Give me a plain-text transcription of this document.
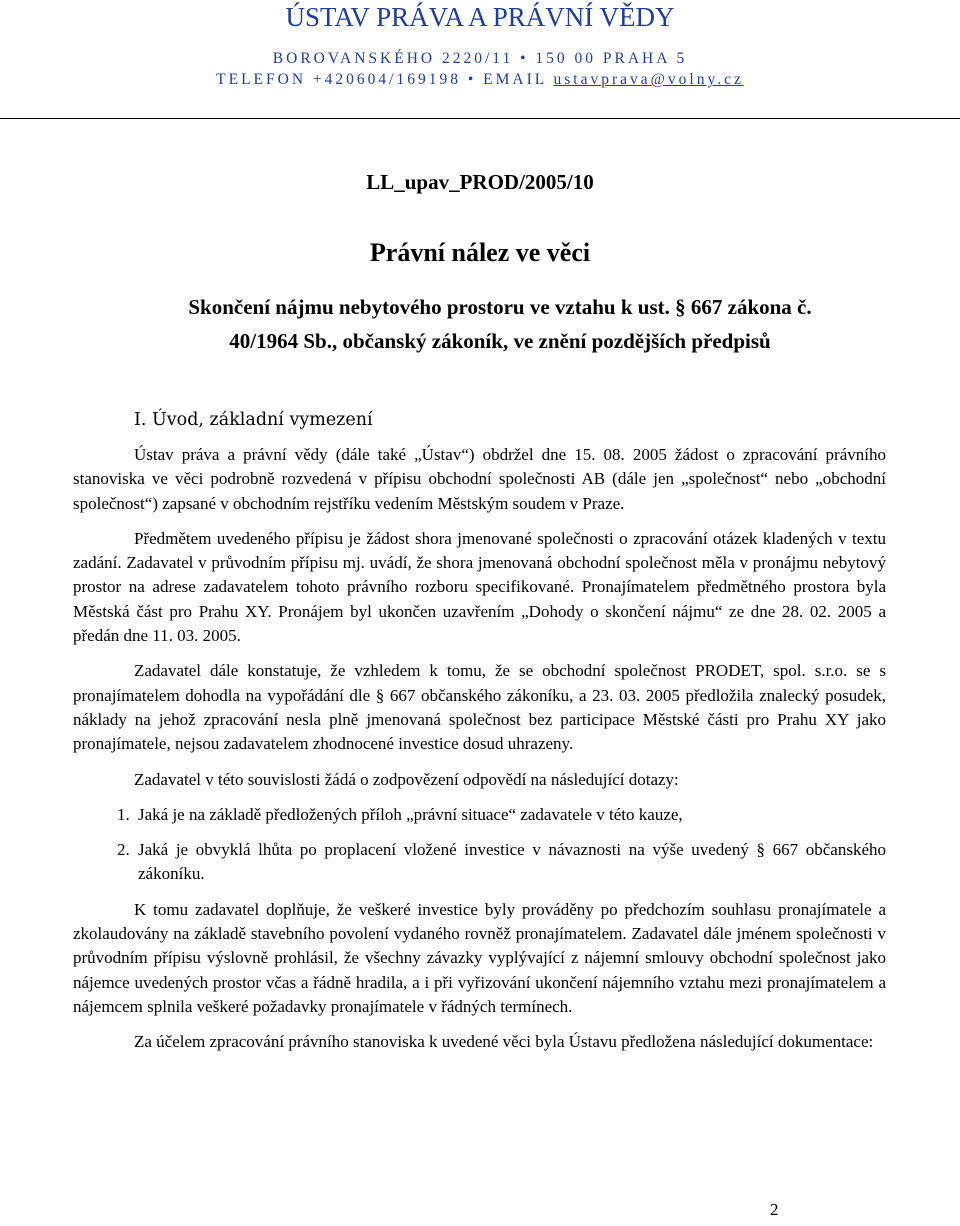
ÚSTAV PRÁVA A PRÁVNÍ VĚDY
BOROVANSKÉHO 2220/11 • 150 00 PRAHA 5
TELEFON +420604/169198 • EMAIL ustavprava@volny.cz
LL_upav_PROD/2005/10
Právní nález ve věci
Skončení nájmu nebytového prostoru ve vztahu k ust. § 667 zákona č. 40/1964 Sb., občanský zákoník, ve znění pozdějších předpisů
I. Úvod, základní vymezení

Ústav práva a právní vědy (dále také „Ústav“) obdržel dne 15. 08. 2005 žádost o zpracování právního stanoviska ve věci podrobně rozvedená v přípisu obchodní společnosti AB (dále jen „společnost“ nebo „obchodní společnost“) zapsané v obchodním rejstříku vedením Městským soudem v Praze.

Předmětem uvedeného přípisu je žádost shora jmenované společnosti o zpracování otázek kladených v textu zadání. Zadavatel v průvodním přípisu mj. uvádí, že shora jmenovaná obchodní společnost měla v pronájmu nebytový prostor na adrese zadavatelem tohoto právního rozboru specifikované. Pronajímatelem předmětného prostora byla Městská část pro Prahu XY. Pronájem byl ukončen uzavřením „Dohody o skončení nájmu“ ze dne 28. 02. 2005 a předán dne 11. 03. 2005.

Zadavatel dále konstatuje, že vzhledem k tomu, že se obchodní společnost PRODET, spol. s.r.o. se s pronajímatelem dohodla na vypořádání dle § 667 občanského zákoníku, a 23. 03. 2005 předložila znalecký posudek, náklady na jehož zpracování nesla plně jmenovaná společnost bez participace Městské části pro Prahu XY jako pronajímatele, nejsou zadavatelem zhodnocené investice dosud uhrazeny.

Zadavatel v této souvislosti žádá o zodpovězení odpovědí na následující dotazy:

1. Jaká je na základě předložených příloh „právní situace“ zadavatele v této kauze,
2. Jaká je obvyklá lhůta po proplacení vložené investice v návaznosti na výše uvedený § 667 občanského zákoníku.

K tomu zadavatel doplňuje, že veškeré investice byly prováděny po předchozím souhlasu pronajímatele a zkolaudovány na základě stavebního povolení vydaného rovněž pronajímatelem. Zadavatel dále jménem společnosti v průvodním přípisu výslovně prohlásil, že všechny závazky vyplývající z nájemní smlouvy obchodní společnost jako nájemce uvedených prostor včas a řádně hradila, a i při vyřizování ukončení nájemního vztahu mezi pronajímatelem a nájemcem splnila veškeré požadavky pronajímatele v řádných termínech.

Za účelem zpracování právního stanoviska k uvedené věci byla Ústavu předložena následující dokumentace:

2
